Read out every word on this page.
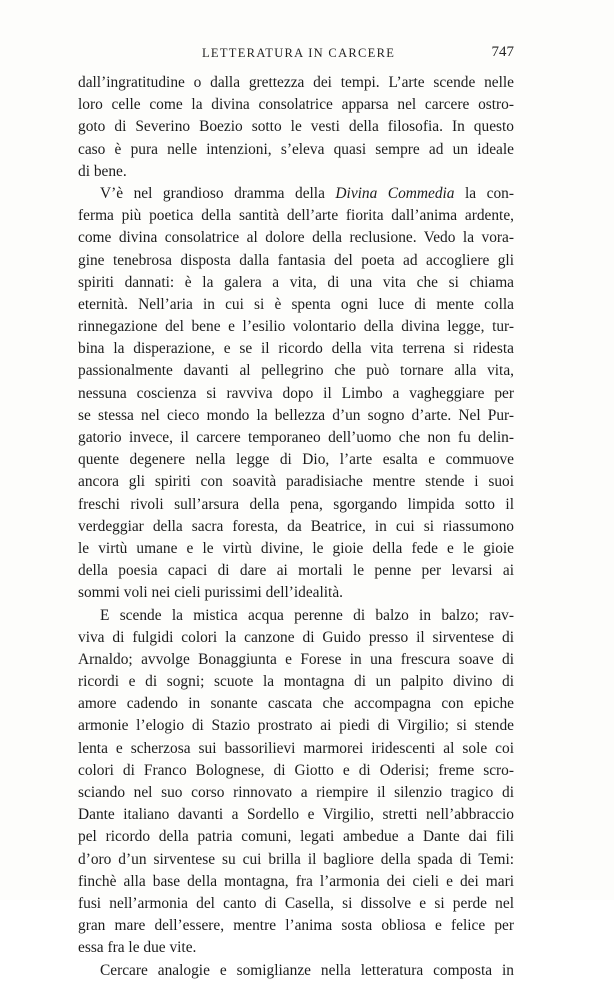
LETTERATURA IN CARCERE	747
dall’ingratitudine o dalla grettezza dei tempi. L’arte scende nelle
loro celle come la divina consolatrice apparsa nel carcere ostro-
goto di Severino Boezio sotto le vesti della filosofia. In questo
caso è pura nelle intenzioni, s’eleva quasi sempre ad un ideale
di bene.
V’è nel grandioso dramma della Divina Commedia la con-
ferma più poetica della santità dell’arte fiorita dall’anima ardente,
come divina consolatrice al dolore della reclusione. Vedo la vora-
gine tenebrosa disposta dalla fantasia del poeta ad accogliere gli
spiriti dannati: è la galera a vita, di una vita che si chiama
eternità. Nell’aria in cui si è spenta ogni luce di mente colla
rinnegazione del bene e l’esilio volontario della divina legge, tur-
bina la disperazione, e se il ricordo della vita terrena si ridesta
passionalmente davanti al pellegrino che può tornare alla vita,
nessuna coscienza si ravviva dopo il Limbo a vagheggiare per
se stessa nel cieco mondo la bellezza d’un sogno d’arte. Nel Pur-
gatorio invece, il carcere temporaneo dell’uomo che non fu delin-
quente degenere nella legge di Dio, l’arte esalta e commuove
ancora gli spiriti con soavità paradisiache mentre stende i suoi
freschi rivoli sull’arsura della pena, sgorgando limpida sotto il
verdeggiar della sacra foresta, da Beatrice, in cui si riassumono
le virtù umane e le virtù divine, le gioie della fede e le gioie
della poesia capaci di dare ai mortali le penne per levarsi ai
sommi voli nei cieli purissimi dell’idealità.
E scende la mistica acqua perenne di balzo in balzo; rav-
viva di fulgidi colori la canzone di Guido presso il sirventese di
Arnaldo; avvolge Bonaggiunta e Forese in una frescura soave di
ricordi e di sogni; scuote la montagna di un palpito divino di
amore cadendo in sonante cascata che accompagna con epiche
armonie l’elogio di Stazio prostrato ai piedi di Virgilio; si stende
lenta e scherzosa sui bassorilievi marmorei iridescenti al sole coi
colori di Franco Bolognese, di Giotto e di Oderisi; freme scro-
sciando nel suo corso rinnovato a riempire il silenzio tragico di
Dante italiano davanti a Sordello e Virgilio, stretti nell’abbraccio
pel ricordo della patria comuni, legati ambedue a Dante dai fili
d’oro d’un sirventese su cui brilla il bagliore della spada di Temi:
finchè alla base della montagna, fra l’armonia dei cieli e dei mari
fusi nell’armonia del canto di Casella, si dissolve e si perde nel
gran mare dell’essere, mentre l’anima sosta obliosa e felice per
essa fra le due vite.
Cercare analogie e somiglianze nella letteratura composta in
